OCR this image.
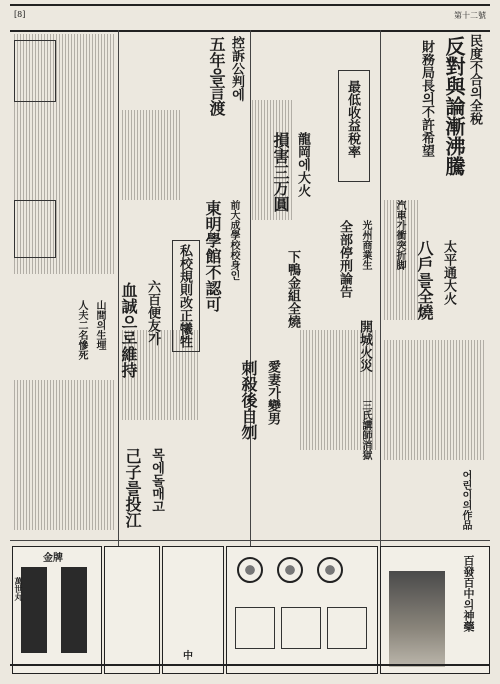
[8]	第十二號
民度不合의全稅
反對與論漸沸騰
財務局長의不許希望
最低收益稅率
控訴公判에
五年을言渡
龍岡에大火
損害三万圓
汽車가衝突折脚
光州商業生
全部停刑論告	太平通大火
八戶를全燒
前大成學校校身인
東明學館不認可
私校規則改正犧牲	下鴨金組全燒
開城火災
六百便友가
血誠으로維持
三氏講師消獄
山間의生埋
人夫二名慘死
愛妻가變男
刺殺後自刎
목에돌매고
己子를投江	어린이의作品
金牌
萬世丸
中
百發百中의神藥
